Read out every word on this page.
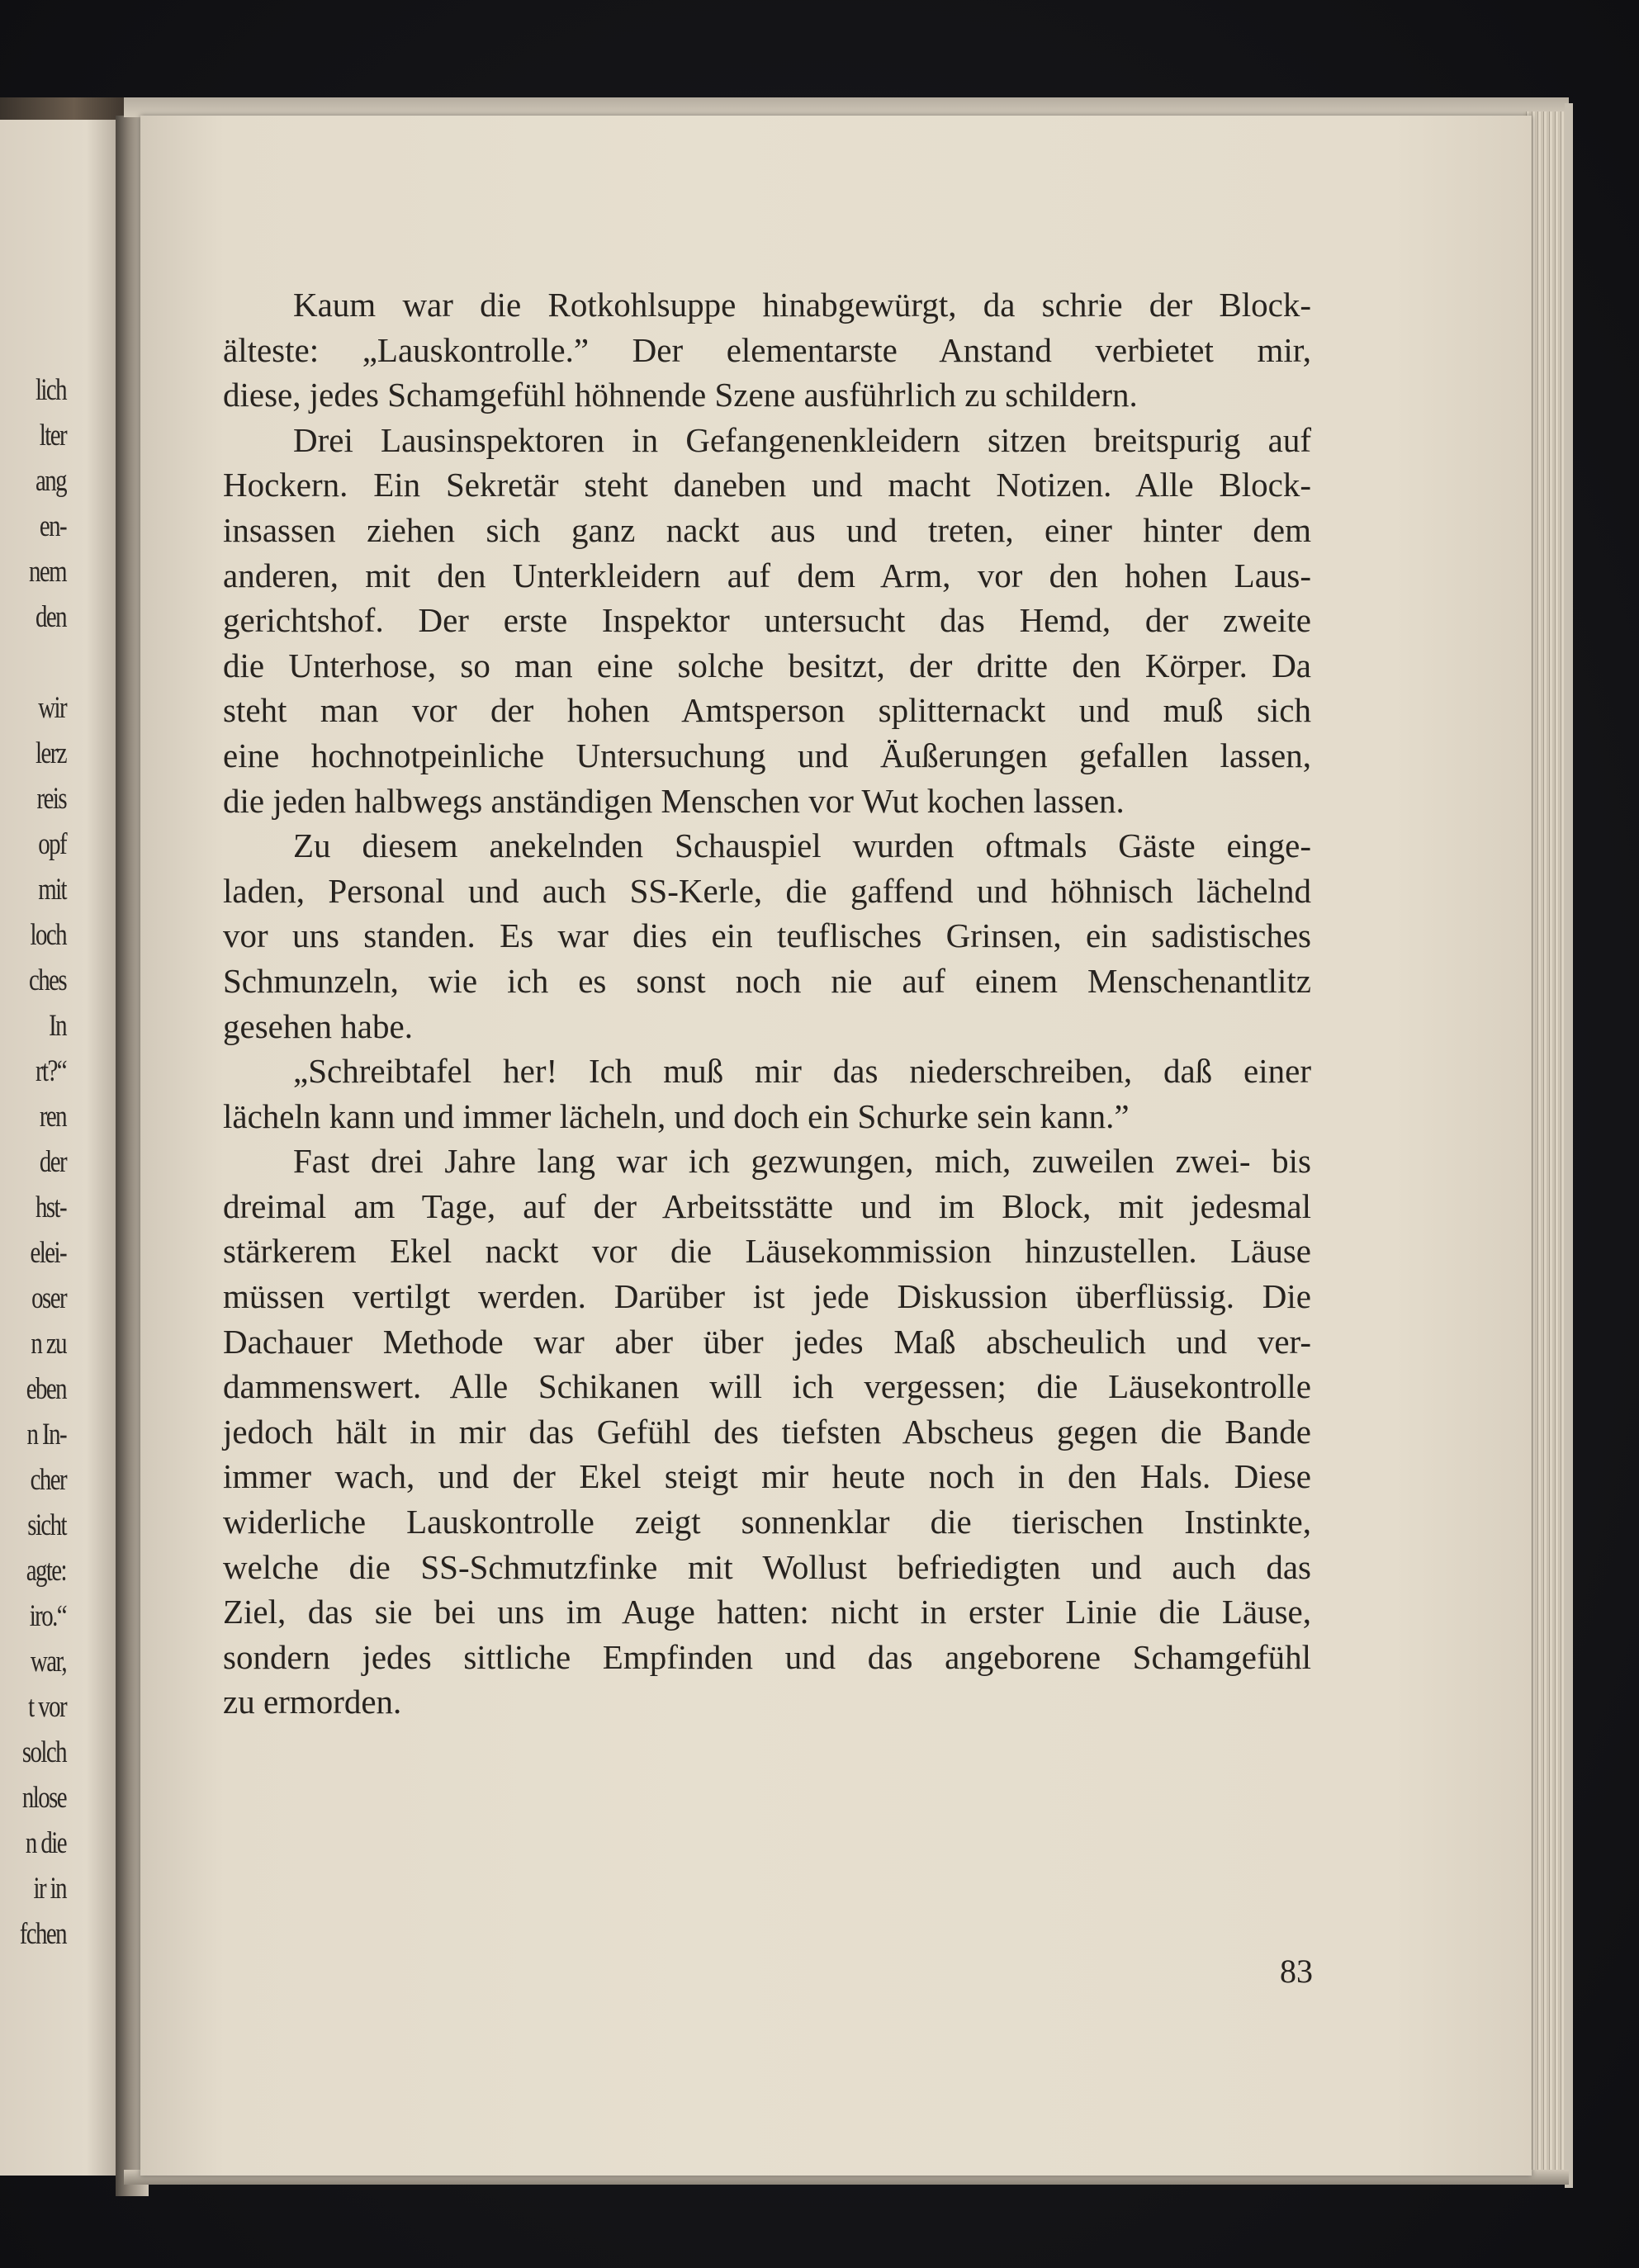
lich
lter
ang
en-
nem
den

wir
lerz
reis
opf
mit
loch
ches
In
rt?“
ren
der
hst-
elei-
oser
n zu
eben
n In-
cher
sicht
agte:
iro.“
war,
t vor
solch
nlose
n die
ir in
fchen
Kaum war die Rotkohlsuppe hinabgewürgt, da schrie der Block-
älteste: „Lauskontrolle.” Der elementarste Anstand verbietet mir,
diese, jedes Schamgefühl höhnende Szene ausführlich zu schildern.
Drei Lausinspektoren in Gefangenenkleidern sitzen breitspurig auf
Hockern. Ein Sekretär steht daneben und macht Notizen. Alle Block-
insassen ziehen sich ganz nackt aus und treten, einer hinter dem
anderen, mit den Unterkleidern auf dem Arm, vor den hohen Laus-
gerichtshof. Der erste Inspektor untersucht das Hemd, der zweite
die Unterhose, so man eine solche besitzt, der dritte den Körper. Da
steht man vor der hohen Amtsperson splitternackt und muß sich
eine hochnotpeinliche Untersuchung und Äußerungen gefallen lassen,
die jeden halbwegs anständigen Menschen vor Wut kochen lassen.
Zu diesem anekelnden Schauspiel wurden oftmals Gäste einge-
laden, Personal und auch SS-Kerle, die gaffend und höhnisch lächelnd
vor uns standen. Es war dies ein teuflisches Grinsen, ein sadistisches
Schmunzeln, wie ich es sonst noch nie auf einem Menschenantlitz
gesehen habe.
„Schreibtafel her! Ich muß mir das niederschreiben, daß einer
lächeln kann und immer lächeln, und doch ein Schurke sein kann.”
Fast drei Jahre lang war ich gezwungen, mich, zuweilen zwei- bis
dreimal am Tage, auf der Arbeitsstätte und im Block, mit jedesmal
stärkerem Ekel nackt vor die Läusekommission hinzustellen. Läuse
müssen vertilgt werden. Darüber ist jede Diskussion überflüssig. Die
Dachauer Methode war aber über jedes Maß abscheulich und ver-
dammenswert. Alle Schikanen will ich vergessen; die Läusekontrolle
jedoch hält in mir das Gefühl des tiefsten Abscheus gegen die Bande
immer wach, und der Ekel steigt mir heute noch in den Hals. Diese
widerliche Lauskontrolle zeigt sonnenklar die tierischen Instinkte,
welche die SS-Schmutzfinke mit Wollust befriedigten und auch das
Ziel, das sie bei uns im Auge hatten: nicht in erster Linie die Läuse,
sondern jedes sittliche Empfinden und das angeborene Schamgefühl
zu ermorden.
83
